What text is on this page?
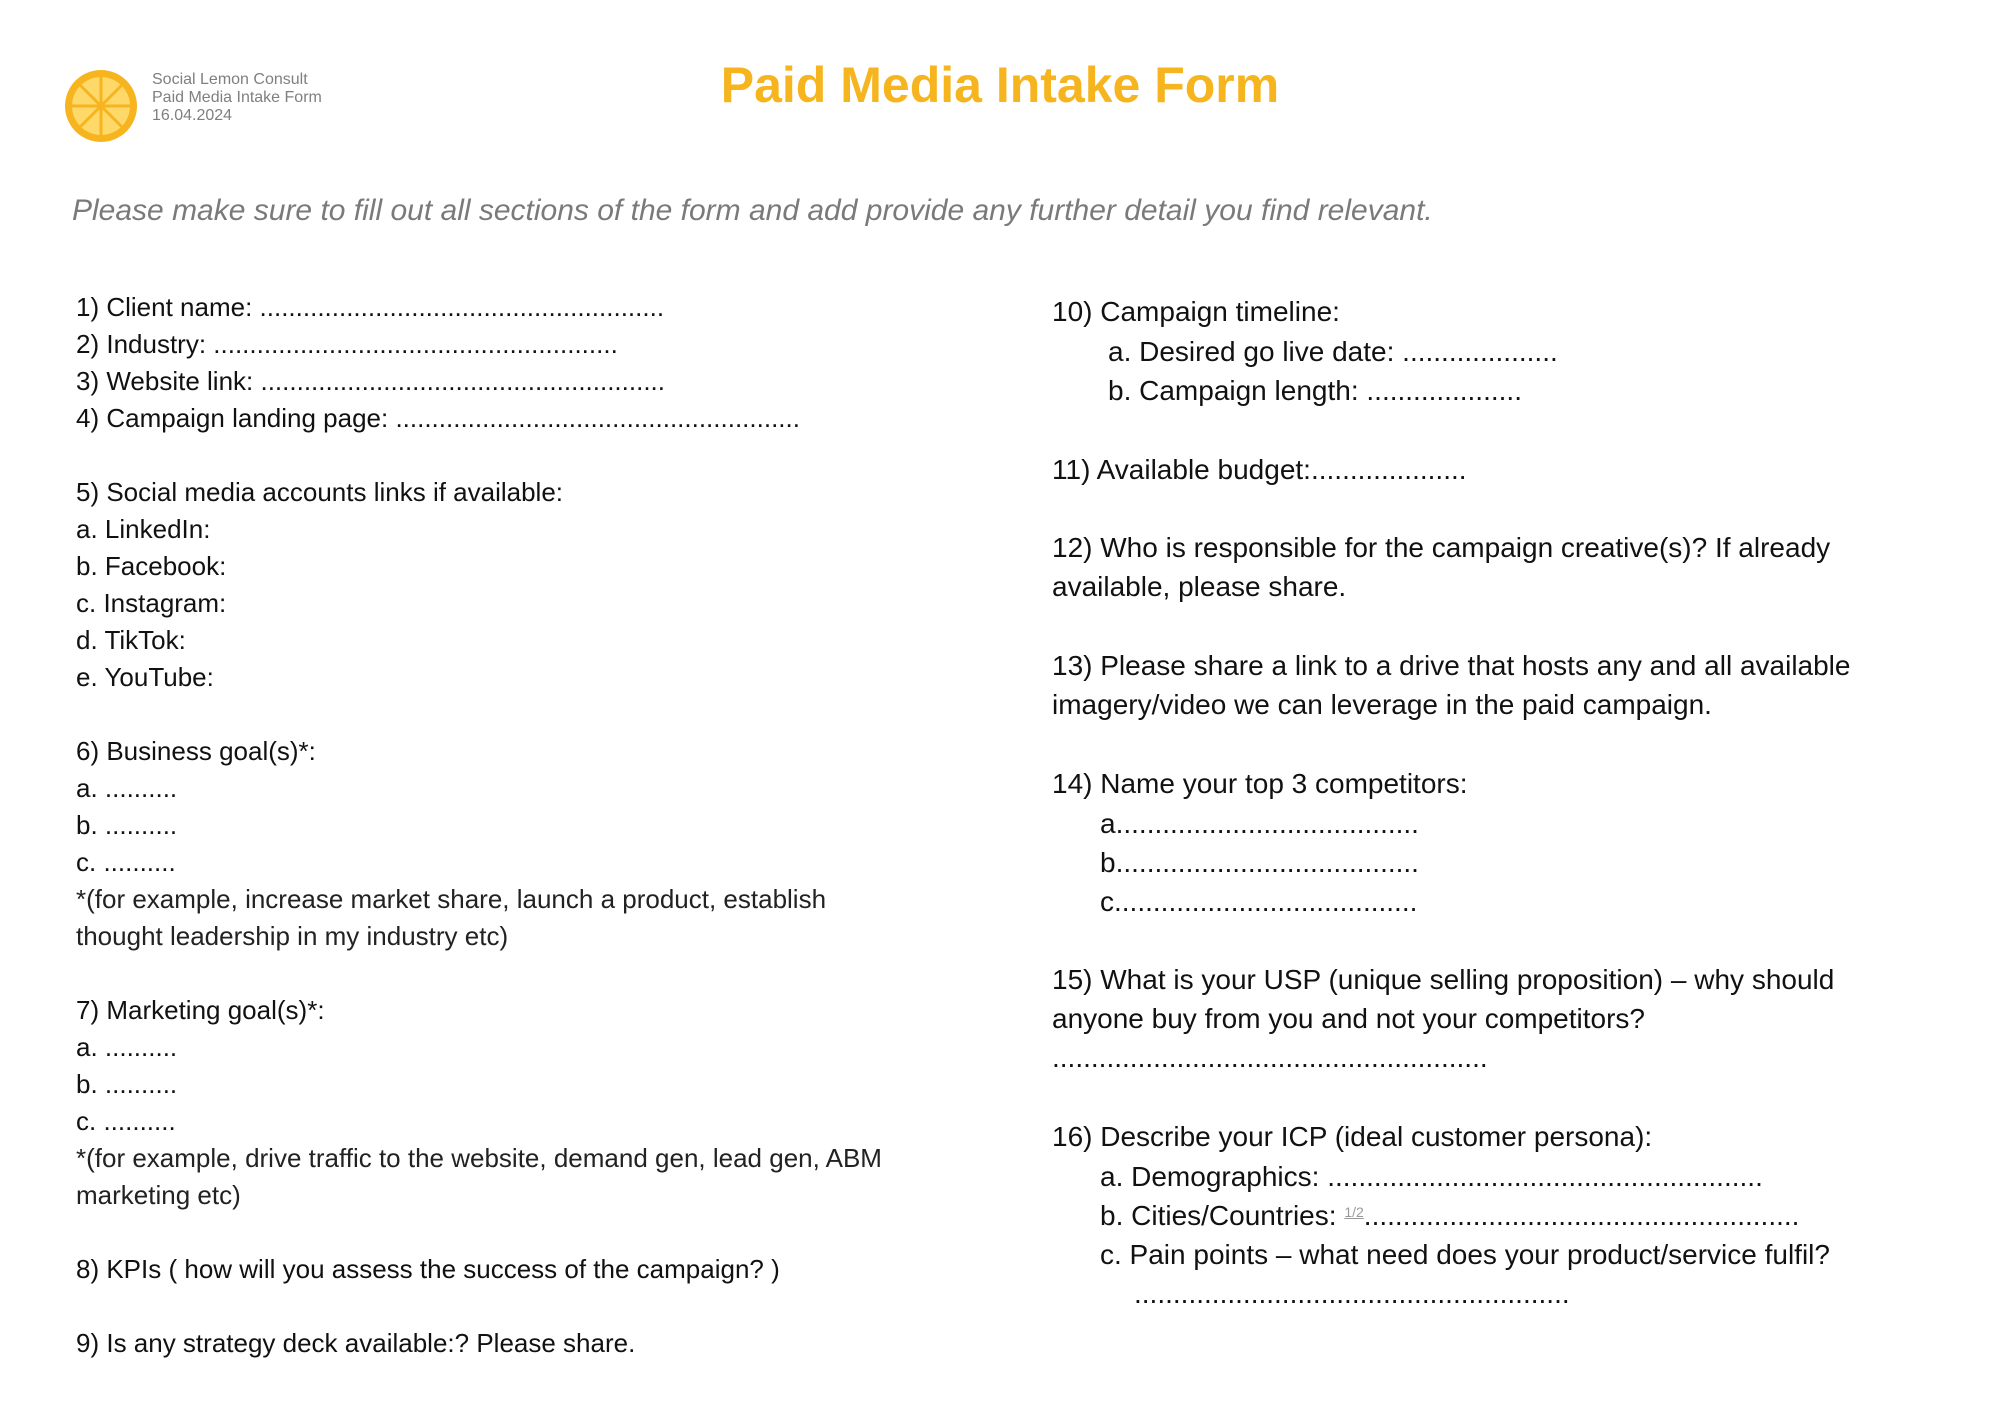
Social Lemon Consult
Paid Media Intake Form
16.04.2024
Paid Media Intake Form
Please make sure to fill out all sections of the form and add provide any further detail you find relevant.
1) Client name: ........................................................
2) Industry: ........................................................
3) Website link: ........................................................
4) Campaign landing page: ........................................................
5) Social media accounts links if available:
a. LinkedIn:
b. Facebook:
c. Instagram:
d. TikTok:
e. YouTube:
6) Business goal(s)*:
a. ..........
b. ..........
c. ..........
*(for example, increase market share, launch a product, establish
thought leadership in my industry etc)
7) Marketing goal(s)*:
a. ..........
b. ..........
c. ..........
*(for example, drive traffic to the website, demand gen, lead gen, ABM
marketing etc)
8) KPIs ( how will you assess the success of the campaign? )
9) Is any strategy deck available:? Please share.
10) Campaign timeline:
a. Desired go live date: ....................
b. Campaign length: ....................
11) Available budget:....................
12) Who is responsible for the campaign creative(s)? If already
available, please share.
13) Please share a link to a drive that hosts any and all available
imagery/video we can leverage in the paid campaign.
14) Name your top 3 competitors:
a.......................................
b.......................................
c.......................................
15) What is your USP (unique selling proposition) – why should
anyone buy from you and not your competitors?
........................................................
16) Describe your ICP (ideal customer persona):
a. Demographics: ........................................................
b. Cities/Countries: $^{1/2}$........................................................
c. Pain points – what need does your product/service fulfil?
........................................................
